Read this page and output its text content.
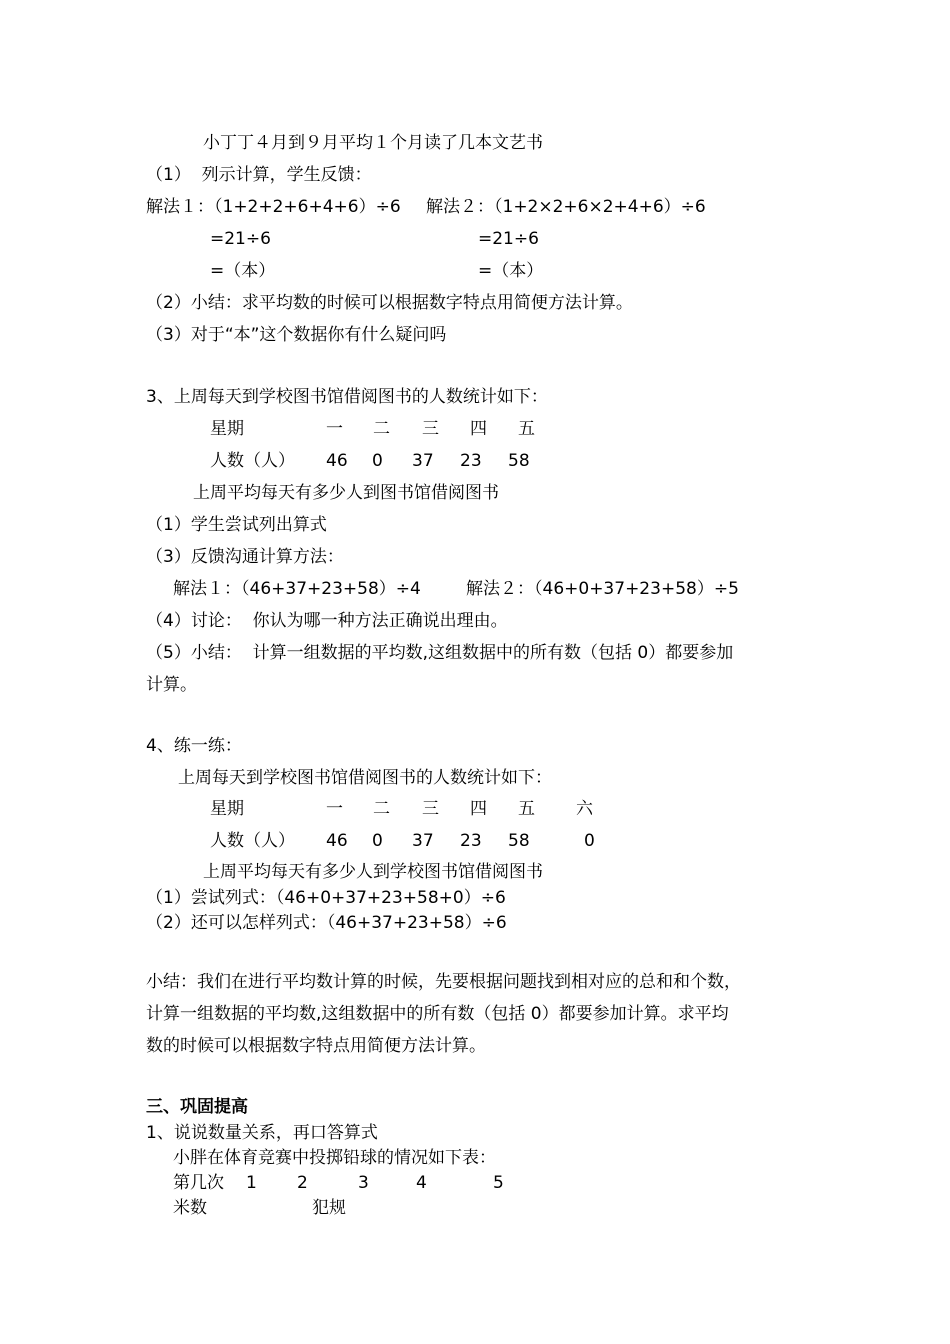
小丁丁４月到９月平均１个月读了几本文艺书
（1）  列示计算，学生反馈：
解法１：（1+2+2+6+4+6）÷6 解法２：（1+2×2+6×2+4+6）÷6
=21÷6	=21÷6
=（本）	=（本）
（2）小结：求平均数的时候可以根据数字特点用简便方法计算。
（3）对于“本”这个数据你有什么疑问吗
3、上周每天到学校图书馆借阅图书的人数统计如下：
星期	一 二 三 四 五
人数（人） 46 0 37 23 58
上周平均每天有多少人到图书馆借阅图书
（1）学生尝试列出算式
（3）反馈沟通计算方法：
解法１：（46+37+23+58）÷4	解法２：（46+0+37+23+58）÷5
（4）讨论：  你认为哪一种方法正确说出理由。
（5）小结：  计算一组数据的平均数,这组数据中的所有数（包括 0）都要参加
计算。
4、练一练：
上周每天到学校图书馆借阅图书的人数统计如下：
星期	一 二 三 四 五 六
人数（人） 46 0 37 23 58	0
上周平均每天有多少人到学校图书馆借阅图书
（1）尝试列式：（46+0+37+23+58+0）÷6
（2）还可以怎样列式：（46+37+23+58）÷6
小结：我们在进行平均数计算的时候，先要根据问题找到相对应的总和和个数，
计算一组数据的平均数,这组数据中的所有数（包括 0）都要参加计算。求平均
数的时候可以根据数字特点用简便方法计算。
三、巩固提高
1、说说数量关系，再口答算式
小胖在体育竞赛中投掷铅球的情况如下表：
第几次 1 2	3	4	5
米数	犯规
